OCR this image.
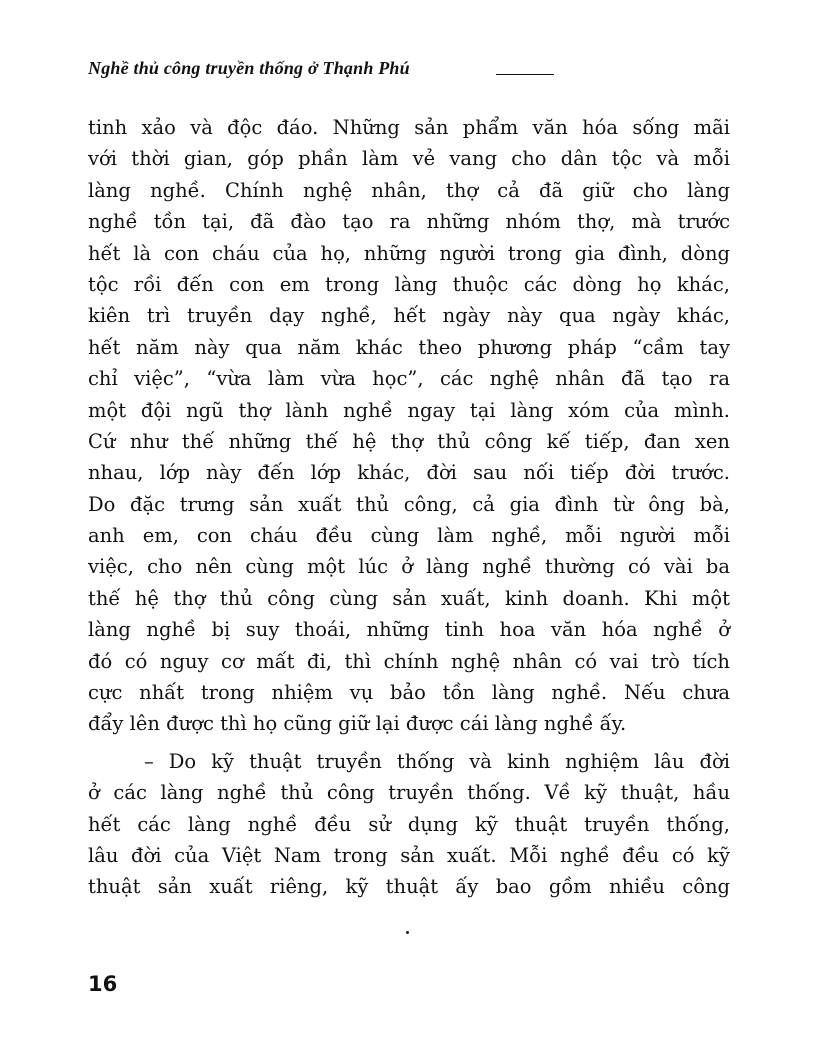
Nghề thủ công truyền thống ở Thạnh Phú
tinh xảo và độc đáo. Những sản phẩm văn hóa sống mãi
với thời gian, góp phần làm vẻ vang cho dân tộc và mỗi
làng nghề. Chính nghệ nhân, thợ cả đã giữ cho làng
nghề tồn tại, đã đào tạo ra những nhóm thợ, mà trước
hết là con cháu của họ, những người trong gia đình, dòng
tộc rồi đến con em trong làng thuộc các dòng họ khác,
kiên trì truyền dạy nghề, hết ngày này qua ngày khác,
hết năm này qua năm khác theo phương pháp “cầm tay
chỉ việc”, “vừa làm vừa học”, các nghệ nhân đã tạo ra
một đội ngũ thợ lành nghề ngay tại làng xóm của mình.
Cứ như thế những thế hệ thợ thủ công kế tiếp, đan xen
nhau, lớp này đến lớp khác, đời sau nối tiếp đời trước.
Do đặc trưng sản xuất thủ công, cả gia đình từ ông bà,
anh em, con cháu đều cùng làm nghề, mỗi người mỗi
việc, cho nên cùng một lúc ở làng nghề thường có vài ba
thế hệ thợ thủ công cùng sản xuất, kinh doanh. Khi một
làng nghề bị suy thoái, những tinh hoa văn hóa nghề ở
đó có nguy cơ mất đi, thì chính nghệ nhân có vai trò tích
cực nhất trong nhiệm vụ bảo tồn làng nghề. Nếu chưa
đẩy lên được thì họ cũng giữ lại được cái làng nghề ấy.
– Do kỹ thuật truyền thống và kinh nghiệm lâu đời
ở các làng nghề thủ công truyền thống. Về kỹ thuật, hầu
hết các làng nghề đều sử dụng kỹ thuật truyền thống,
lâu đời của Việt Nam trong sản xuất. Mỗi nghề đều có kỹ
thuật sản xuất riêng, kỹ thuật ấy bao gồm nhiều công
16
